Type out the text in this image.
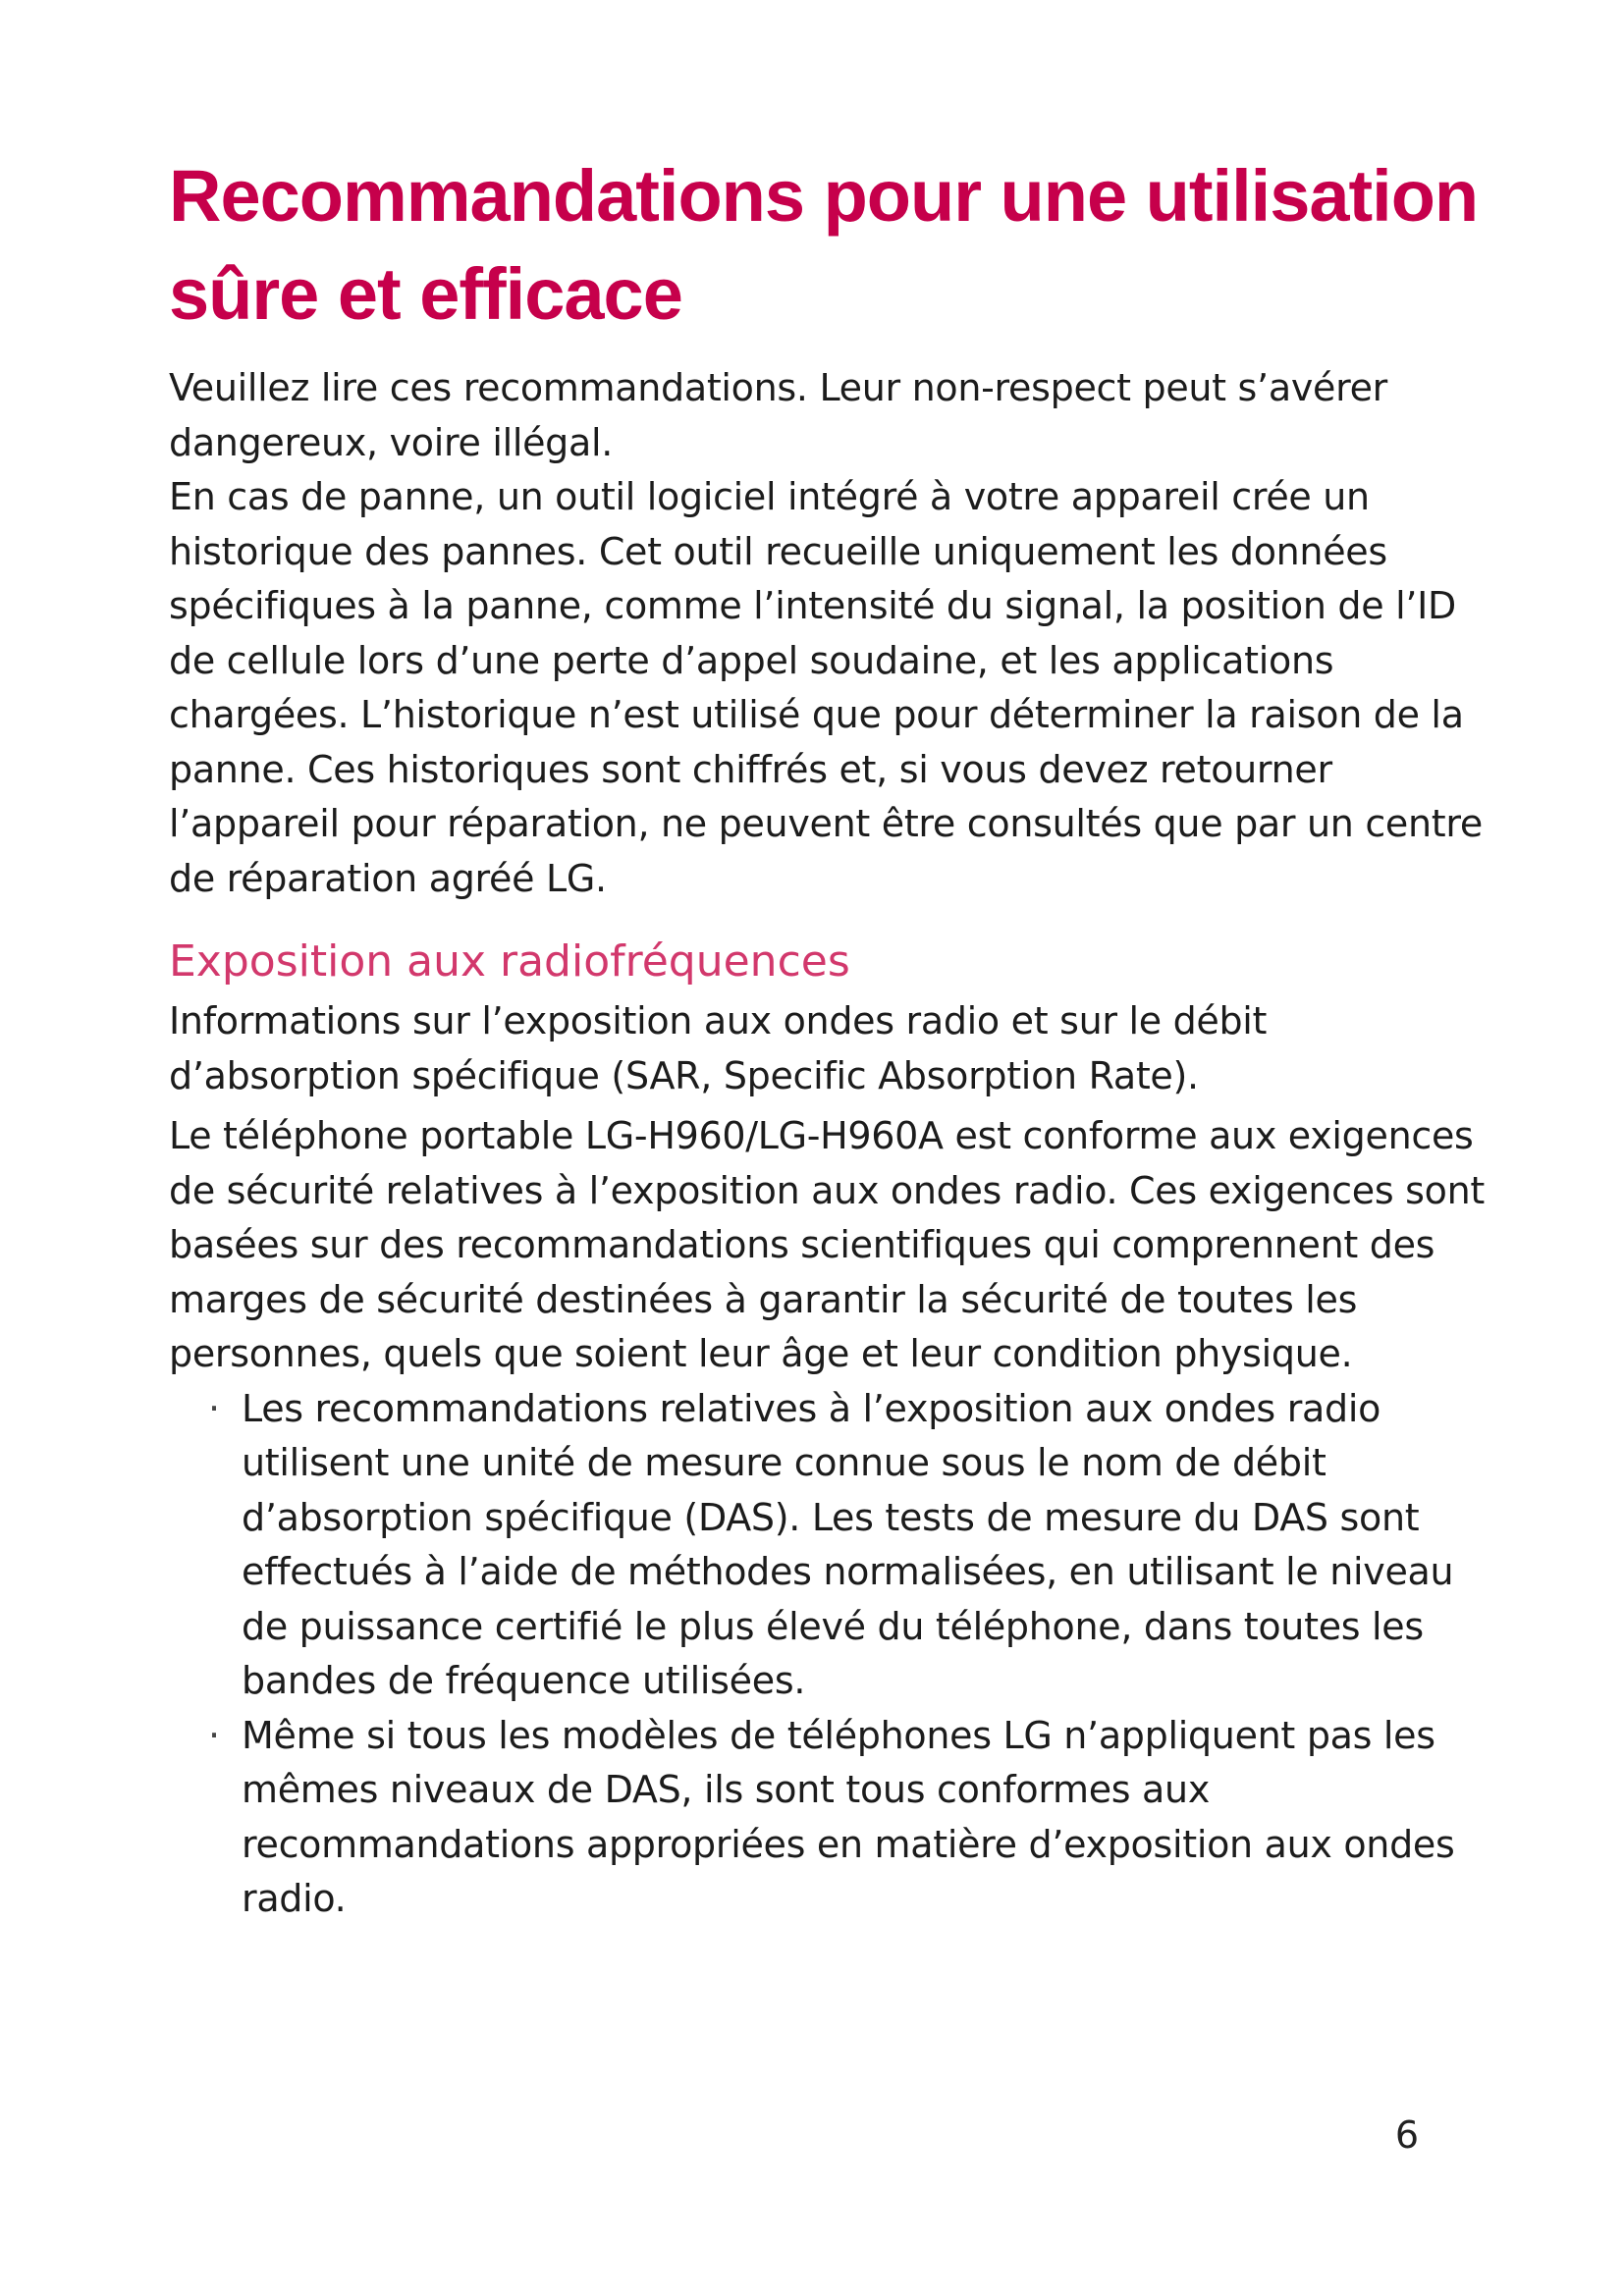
Recommandations pour une utilisation
sûre et efficace

Veuillez lire ces recommandations. Leur non-respect peut s’avérer dangereux, voire illégal.

En cas de panne, un outil logiciel intégré à votre appareil crée un historique des pannes. Cet outil recueille uniquement les données spécifiques à la panne, comme l’intensité du signal, la position de l’ID de cellule lors d’une perte d’appel soudaine, et les applications chargées. L’historique n’est utilisé que pour déterminer la raison de la panne. Ces historiques sont chiffrés et, si vous devez retourner l’appareil pour réparation, ne peuvent être consultés que par un centre de réparation agréé LG.

Exposition aux radiofréquences

Informations sur l’exposition aux ondes radio et sur le débit d’absorption spécifique (SAR, Specific Absorption Rate).

Le téléphone portable LG-H960/LG-H960A est conforme aux exigences de sécurité relatives à l’exposition aux ondes radio. Ces exigences sont basées sur des recommandations scientifiques qui comprennent des marges de sécurité destinées à garantir la sécurité de toutes les personnes, quels que soient leur âge et leur condition physique.

· Les recommandations relatives à l’exposition aux ondes radio utilisent une unité de mesure connue sous le nom de débit d’absorption spécifique (DAS). Les tests de mesure du DAS sont effectués à l’aide de méthodes normalisées, en utilisant le niveau de puissance certifié le plus élevé du téléphone, dans toutes les bandes de fréquence utilisées.
· Même si tous les modèles de téléphones LG n’appliquent pas les mêmes niveaux de DAS, ils sont tous conformes aux recommandations appropriées en matière d’exposition aux ondes radio.
6
